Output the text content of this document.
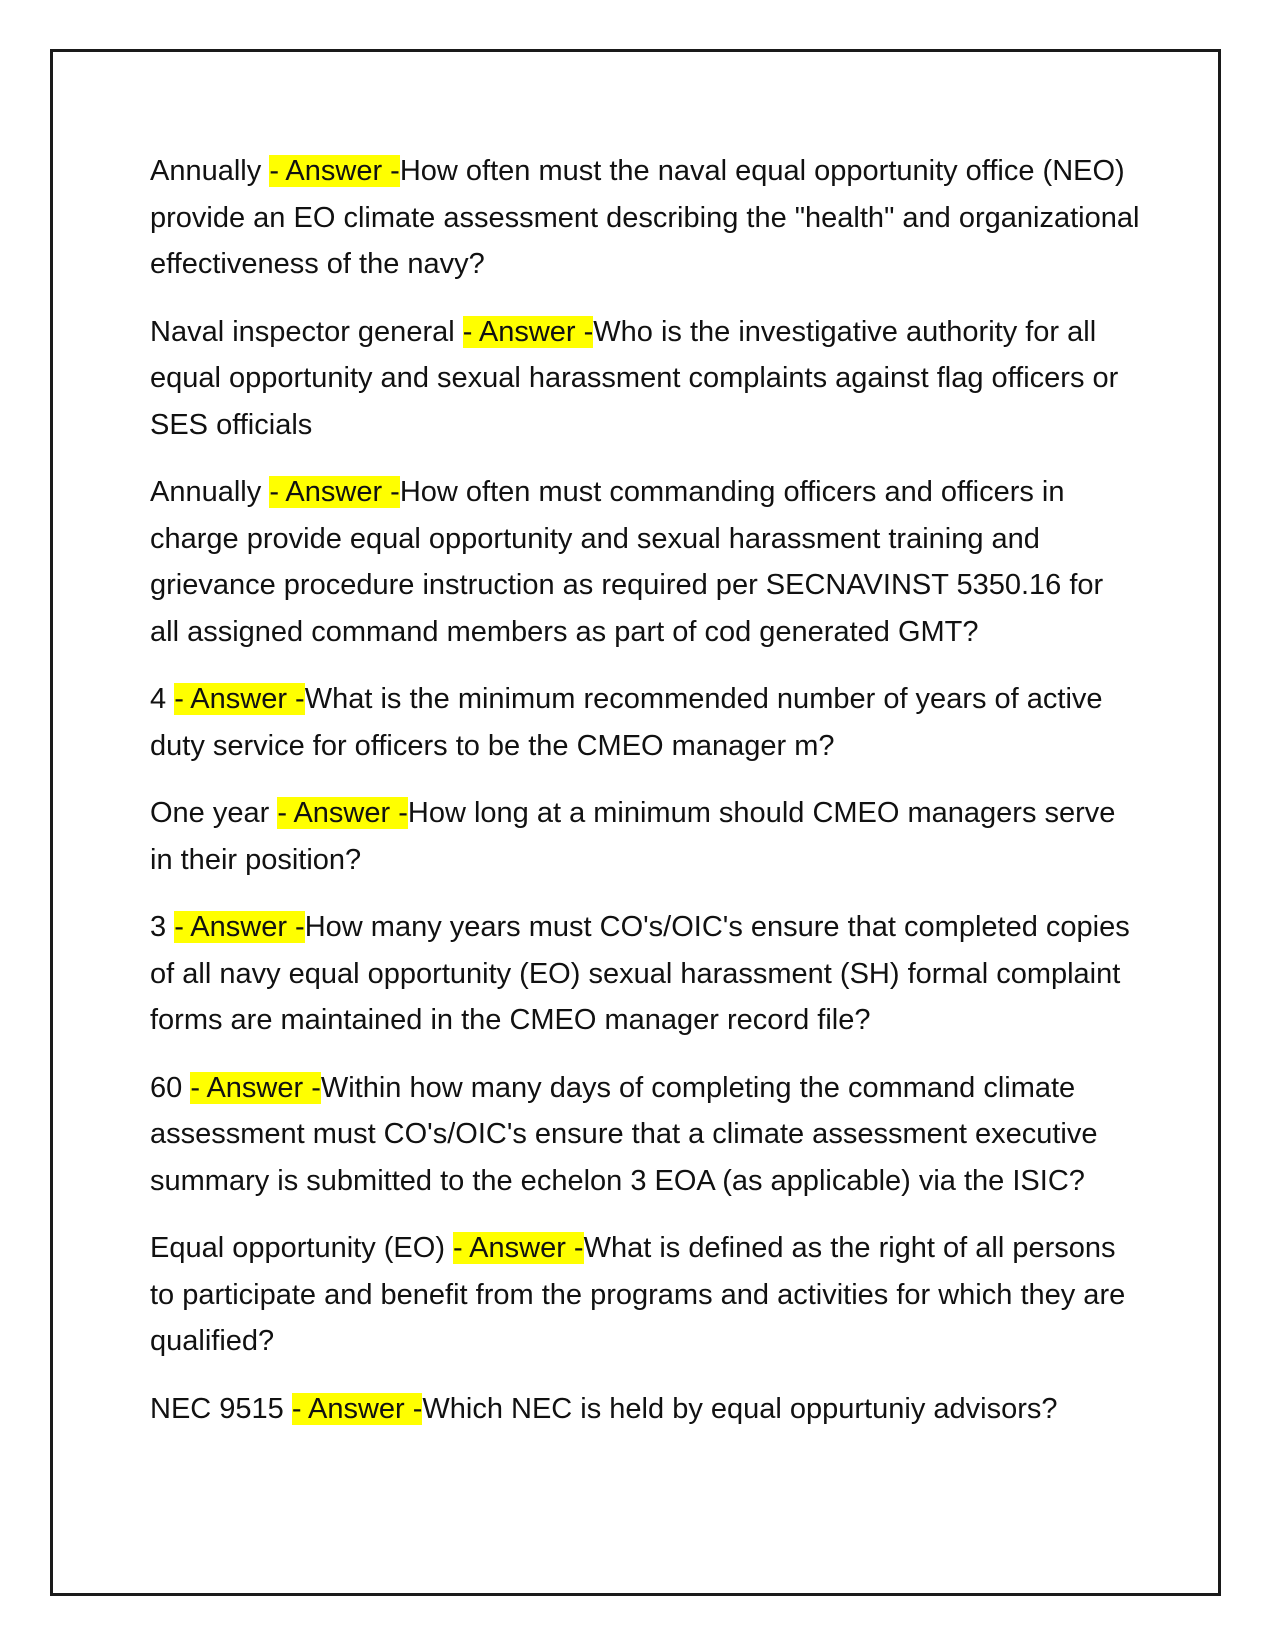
Annually - Answer -How often must the naval equal opportunity office (NEO) provide an EO climate assessment describing the "health" and organizational effectiveness of the navy?
Naval inspector general - Answer -Who is the investigative authority for all equal opportunity and sexual harassment complaints against flag officers or SES officials
Annually - Answer -How often must commanding officers and officers in charge provide equal opportunity and sexual harassment training and grievance procedure instruction as required per SECNAVINST 5350.16 for all assigned command members as part of cod generated GMT?
4 - Answer -What is the minimum recommended number of years of active duty service for officers to be the CMEO manager m?
One year - Answer -How long at a minimum should CMEO managers serve in their position?
3 - Answer -How many years must CO's/OIC's ensure that completed copies of all navy equal opportunity (EO) sexual harassment (SH) formal complaint forms are maintained in the CMEO manager record file?
60 - Answer -Within how many days of completing the command climate assessment must CO's/OIC's ensure that a climate assessment executive summary is submitted to the echelon 3 EOA (as applicable) via the ISIC?
Equal opportunity (EO) - Answer -What is defined as the right of all persons to participate and benefit from the programs and activities for which they are qualified?
NEC 9515 - Answer -Which NEC is held by equal oppurtuniy advisors?
